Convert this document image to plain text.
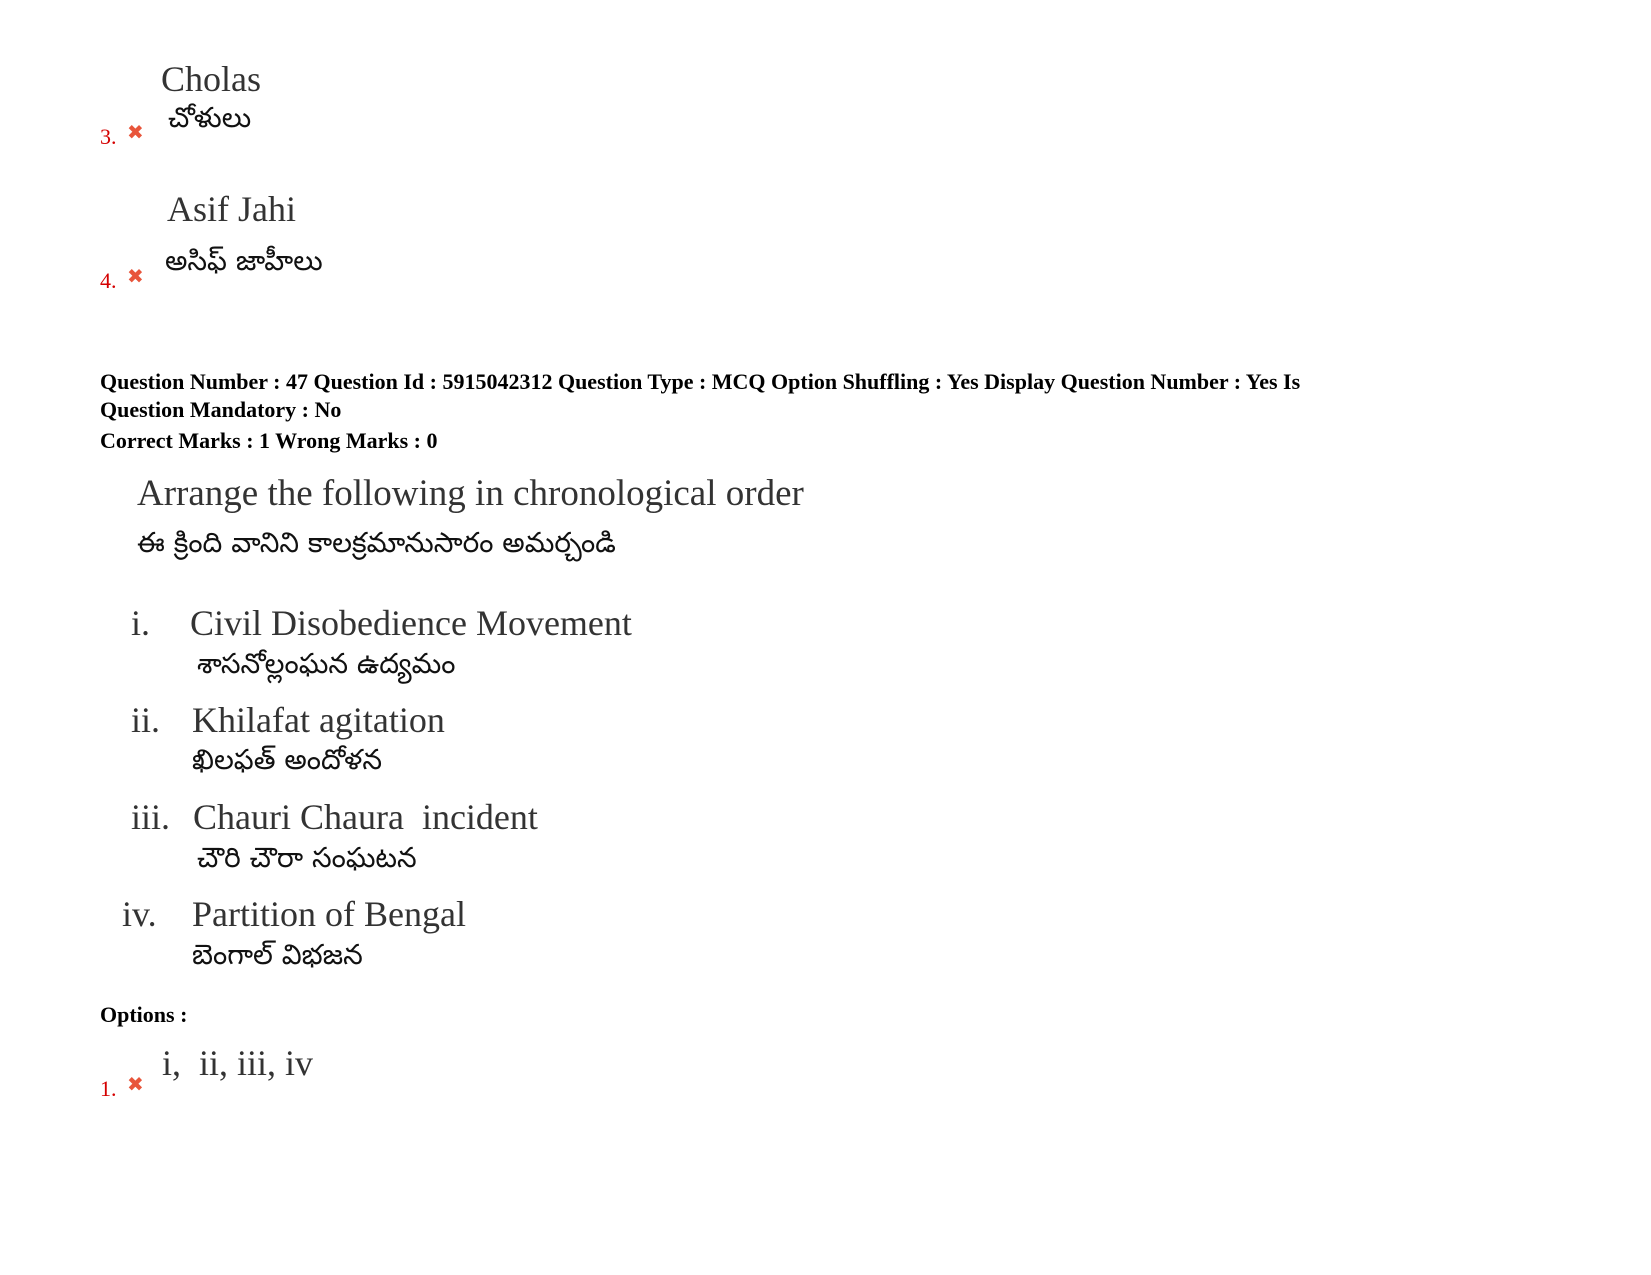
Cholas
చోళులు
3. ✖
Asif Jahi
అసిఫ్ జాహీలు
4. ✖
Question Number : 47 Question Id : 5915042312 Question Type : MCQ Option Shuffling : Yes Display Question Number : Yes Is
Question Mandatory : No
Correct Marks : 1 Wrong Marks : 0
Arrange the following in chronological order
ఈ క్రింది వానిని కాలక్రమానుసారం అమర్చండి
i. Civil Disobedience Movement
శాసనోల్లంఘన ఉద్యమం
ii. Khilafat agitation
ఖిలఫత్ అందోళన
iii. Chauri Chaura  incident
చౌరి చౌరా సంఘటన
iv. Partition of Bengal
బెంగాల్ విభజన
Options :
i,  ii, iii, iv
1. ✖
